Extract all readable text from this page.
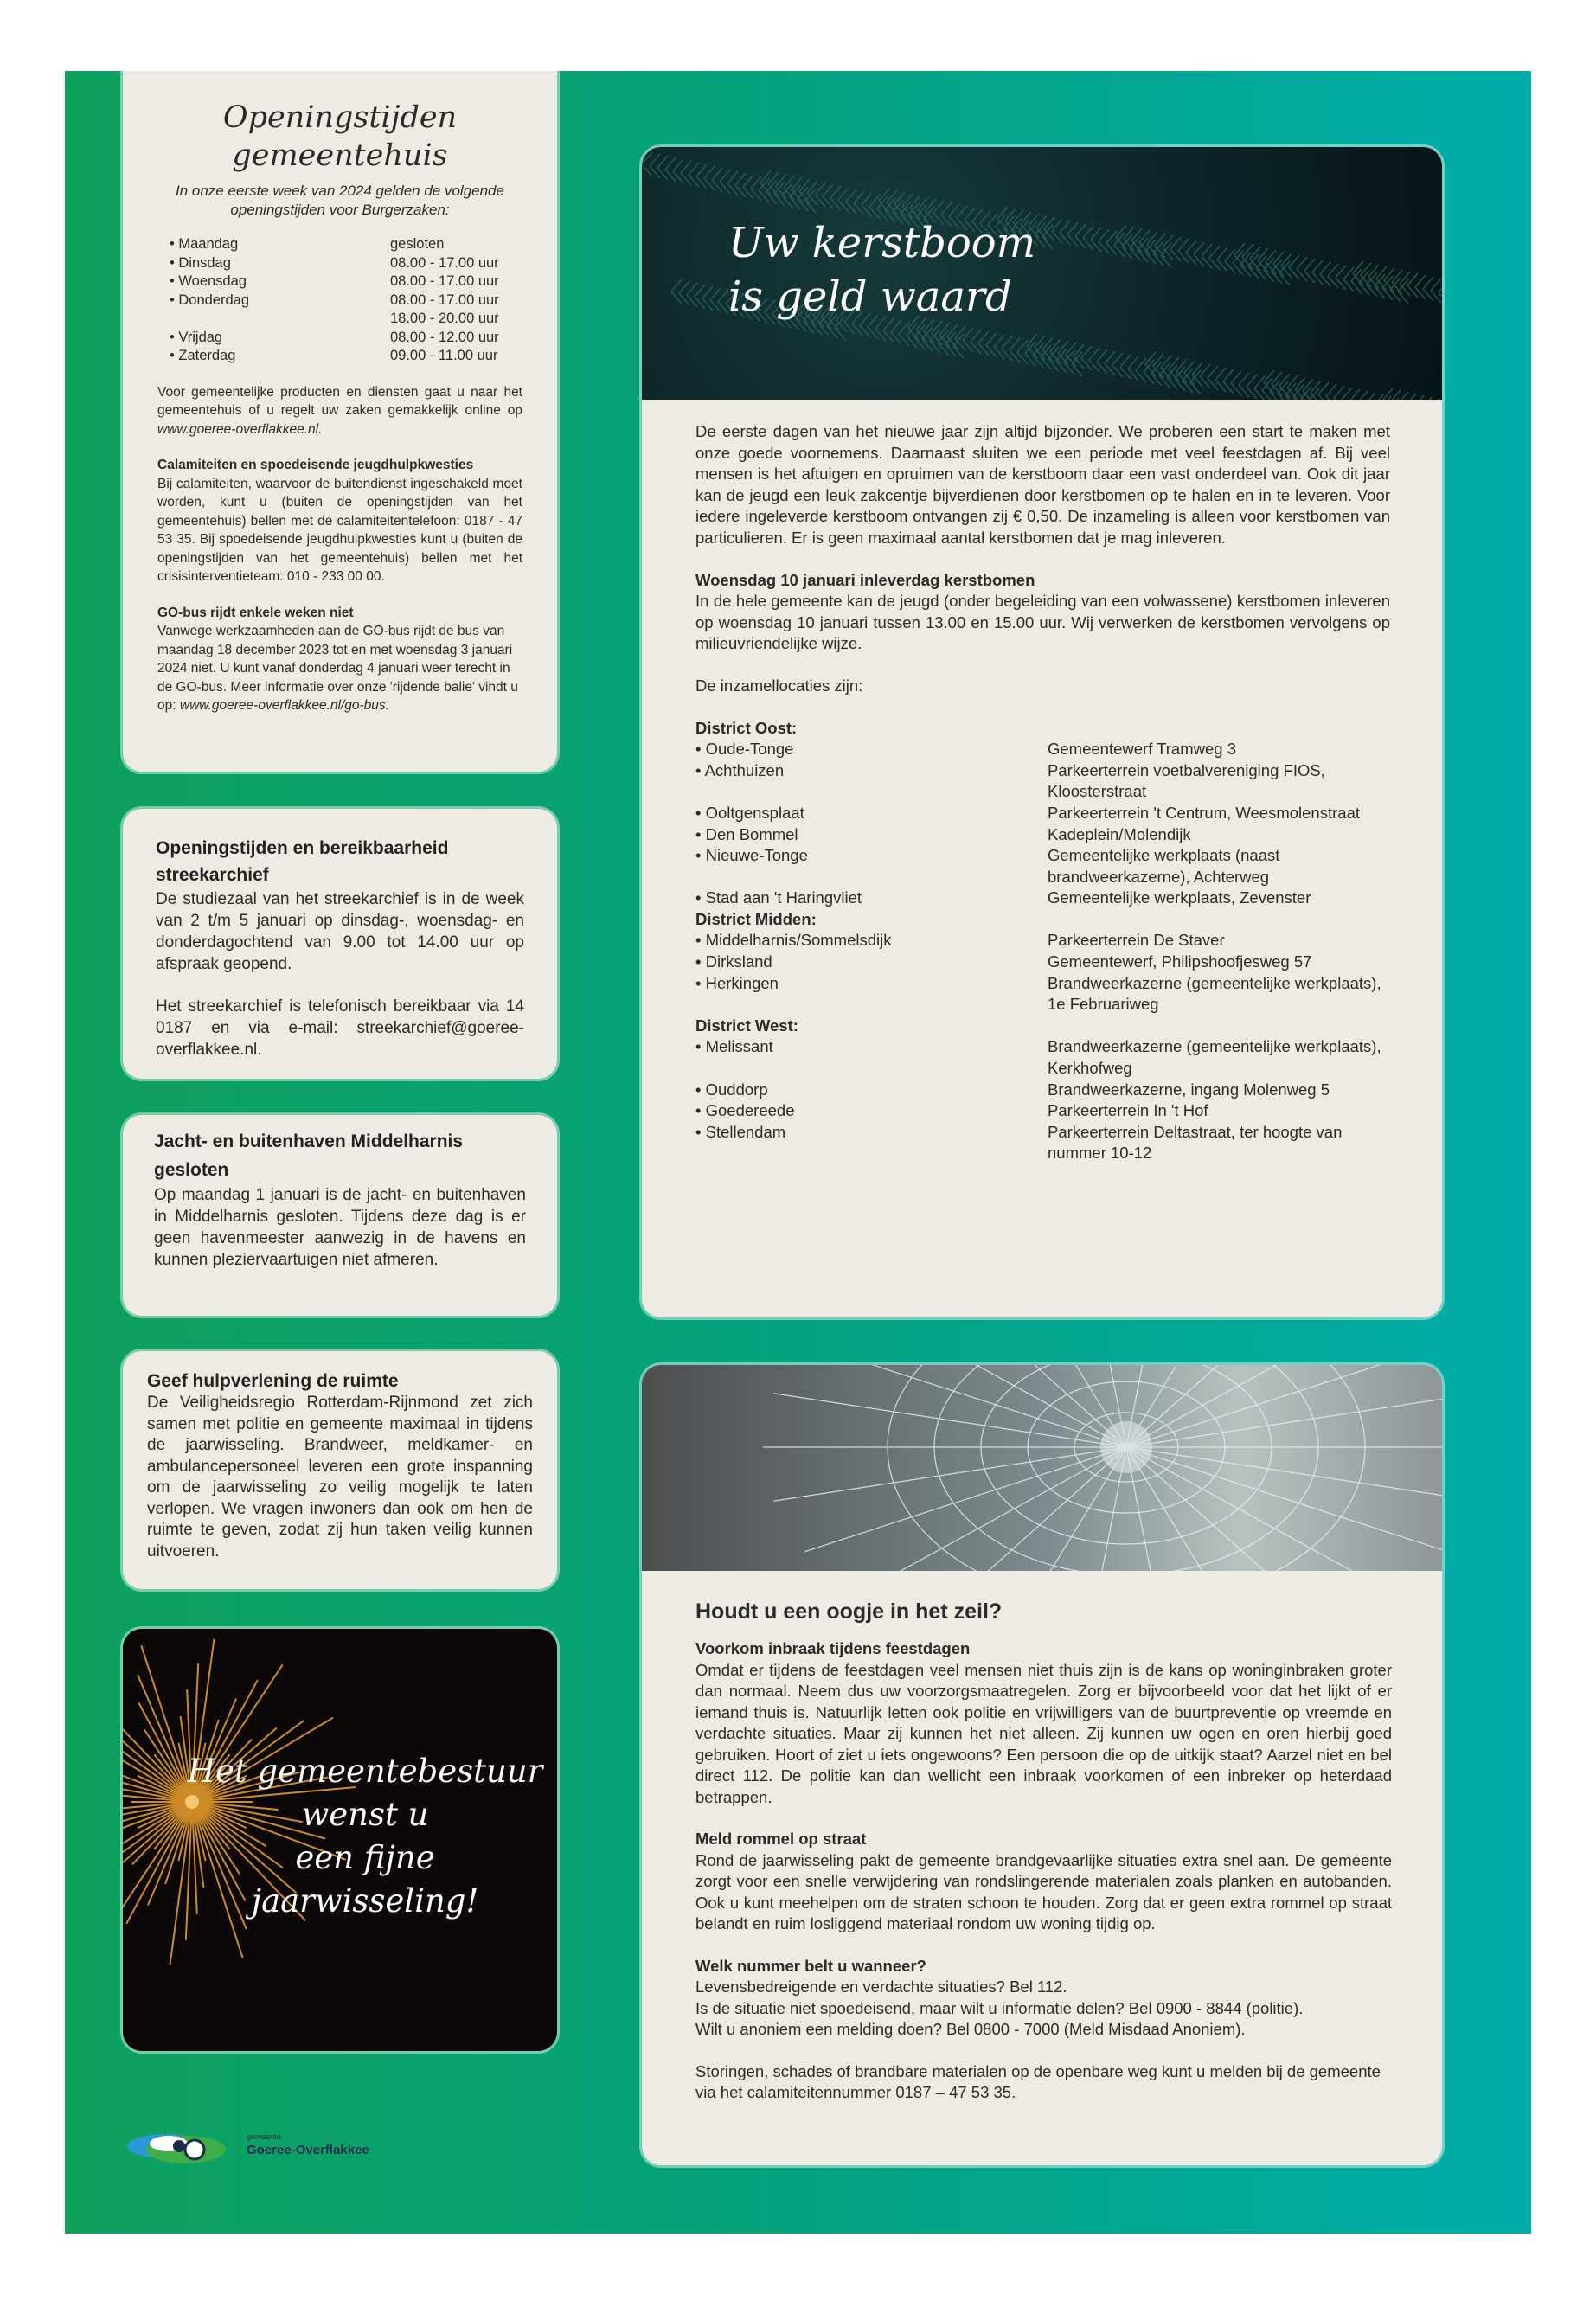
Openingstijden gemeentehuis

In onze eerste week van 2024 gelden de volgende openingstijden voor Burgerzaken:

• Maandag	gesloten
• Dinsdag	08.00 - 17.00 uur
• Woensdag	08.00 - 17.00 uur
• Donderdag	08.00 - 17.00 uur
18.00 - 20.00 uur
• Vrijdag	08.00 - 12.00 uur
• Zaterdag	09.00 - 11.00 uur

Voor gemeentelijke producten en diensten gaat u naar het gemeentehuis of u regelt uw zaken gemakkelijk online op www.goeree-overflakkee.nl.

Calamiteiten en spoedeisende jeugdhulpkwesties

Bij calamiteiten, waarvoor de buitendienst ingeschakeld moet worden, kunt u (buiten de openingstijden van het gemeentehuis) bellen met de calamiteitentelefoon: 0187 - 47 53 35. Bij spoedeisende jeugdhulpkwesties kunt u (buiten de openingstijden van het gemeentehuis) bellen met het crisisinterventieteam: 010 - 233 00 00.

GO-bus rijdt enkele weken niet

Vanwege werkzaamheden aan de GO-bus rijdt de bus van maandag 18 december 2023 tot en met woensdag 3 januari 2024 niet. U kunt vanaf donderdag 4 januari weer terecht in de GO-bus. Meer informatie over onze 'rijdende balie' vindt u op: www.goeree-overflakkee.nl/go-bus.

Openingstijden en bereikbaarheid streekarchief

De studiezaal van het streekarchief is in de week van 2 t/m 5 januari op dinsdag-, woensdag- en donderdagochtend van 9.00 tot 14.00 uur op afspraak geopend.

Het streekarchief is telefonisch bereikbaar via 14 0187 en via e-mail: streekarchief@goeree-overflakkee.nl.

Jacht- en buitenhaven Middelharnis gesloten

Op maandag 1 januari is de jacht- en buitenhaven in Middelharnis gesloten. Tijdens deze dag is er geen havenmeester aanwezig in de havens en kunnen pleziervaartuigen niet afmeren.

Geef hulpverlening de ruimte

De Veiligheidsregio Rotterdam-Rijnmond zet zich samen met politie en gemeente maximaal in tijdens de jaarwisseling. Brandweer, meldkamer- en ambulancepersoneel leveren een grote inspanning om de jaarwisseling zo veilig mogelijk te laten verlopen. We vragen inwoners dan ook om hen de ruimte te geven, zodat zij hun taken veilig kunnen uitvoeren.

Het gemeentebestuur
wenst u
een fijne
jaarwisseling!
gemeente
Goeree-Overflakkee
Uw kerstboom
is geld waard

De eerste dagen van het nieuwe jaar zijn altijd bijzonder. We proberen een start te maken met onze goede voornemens. Daarnaast sluiten we een periode met veel feestdagen af. Bij veel mensen is het aftuigen en opruimen van de kerstboom daar een vast onderdeel van. Ook dit jaar kan de jeugd een leuk zakcentje bijverdienen door kerstbomen op te halen en in te leveren. Voor iedere ingeleverde kerstboom ontvangen zij € 0,50. De inzameling is alleen voor kerstbomen van particulieren. Er is geen maximaal aantal kerstbomen dat je mag inleveren.

Woensdag 10 januari inleverdag kerstbomen

In de hele gemeente kan de jeugd (onder begeleiding van een volwassene) kerstbomen inleveren op woensdag 10 januari tussen 13.00 en 15.00 uur. Wij verwerken de kerstbomen vervolgens op milieuvriendelijke wijze.

De inzamellocaties zijn:

District Oost:

• Oude-Tonge	Gemeentewerf Tramweg 3
• Achthuizen	Parkeerterrein voetbalvereniging FIOS, Kloosterstraat
• Ooltgensplaat	Parkeerterrein 't Centrum, Weesmolenstraat
• Den Bommel	Kadeplein/Molendijk
• Nieuwe-Tonge	Gemeentelijke werkplaats (naast brandweerkazerne), Achterweg
• Stad aan 't Haringvliet	Gemeentelijke werkplaats, Zevenster

District Midden:

• Middelharnis/Sommelsdijk	Parkeerterrein De Staver
• Dirksland	Gemeentewerf, Philipshoofjesweg 57
• Herkingen	Brandweerkazerne (gemeentelijke werkplaats), 1e Februariweg

District West:

• Melissant	Brandweerkazerne (gemeentelijke werkplaats), Kerkhofweg
• Ouddorp	Brandweerkazerne, ingang Molenweg 5
• Goedereede	Parkeerterrein In 't Hof
• Stellendam	Parkeerterrein Deltastraat, ter hoogte van nummer 10-12

Houdt u een oogje in het zeil?

Voorkom inbraak tijdens feestdagen

Omdat er tijdens de feestdagen veel mensen niet thuis zijn is de kans op woninginbraken groter dan normaal. Neem dus uw voorzorgsmaatregelen. Zorg er bijvoorbeeld voor dat het lijkt of er iemand thuis is. Natuurlijk letten ook politie en vrijwilligers van de buurtpreventie op vreemde en verdachte situaties. Maar zij kunnen het niet alleen. Zij kunnen uw ogen en oren hierbij goed gebruiken. Hoort of ziet u iets ongewoons? Een persoon die op de uitkijk staat? Aarzel niet en bel direct 112. De politie kan dan wellicht een inbraak voorkomen of een inbreker op heterdaad betrappen.

Meld rommel op straat

Rond de jaarwisseling pakt de gemeente brandgevaarlijke situaties extra snel aan. De gemeente zorgt voor een snelle verwijdering van rondslingerende materialen zoals planken en autobanden. Ook u kunt meehelpen om de straten schoon te houden. Zorg dat er geen extra rommel op straat belandt en ruim losliggend materiaal rondom uw woning tijdig op.

Welk nummer belt u wanneer?

Levensbedreigende en verdachte situaties? Bel 112.

Is de situatie niet spoedeisend, maar wilt u informatie delen? Bel 0900 - 8844 (politie).

Wilt u anoniem een melding doen? Bel 0800 - 7000 (Meld Misdaad Anoniem).

Storingen, schades of brandbare materialen op de openbare weg kunt u melden bij de gemeente via het calamiteitennummer 0187 – 47 53 35.
